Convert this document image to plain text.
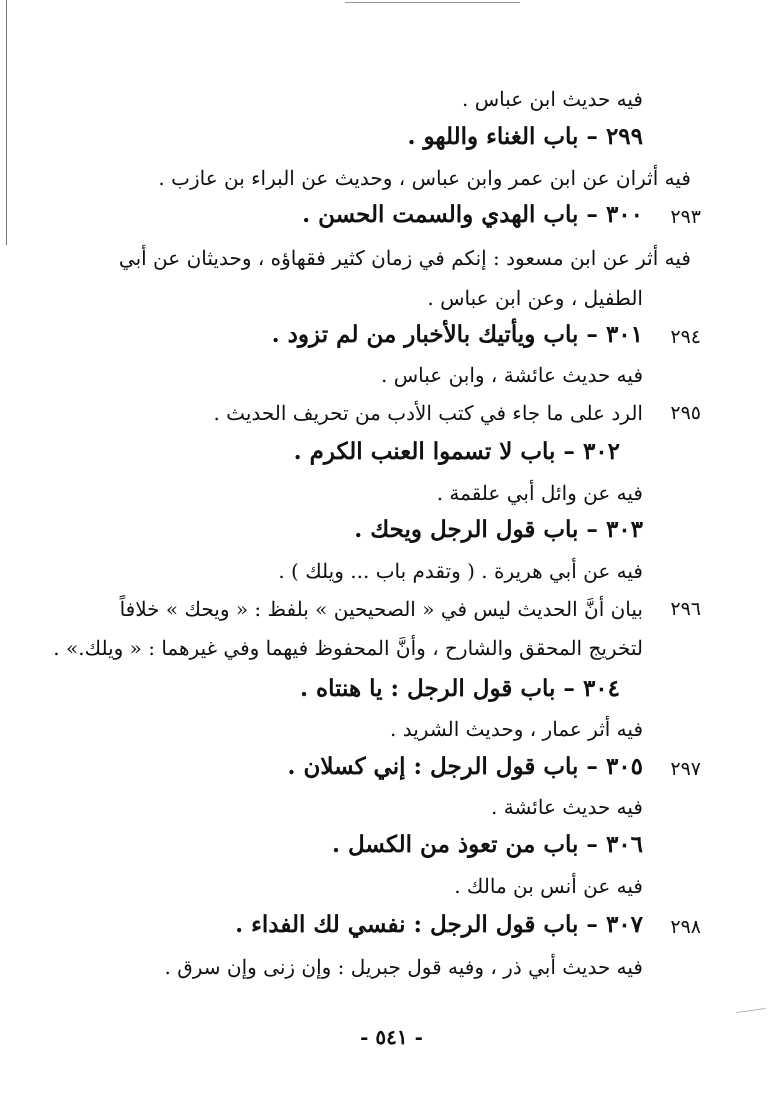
فيه حديث ابن عباس .
٢٩٩ – باب الغناء واللهو .
فيه أثران عن ابن عمر وابن عباس ، وحديث عن البراء بن عازب .
٢٩٣
٣٠٠ – باب الهدي والسمت الحسن .
فيه أثر عن ابن مسعود : إنكم في زمان كثير فقهاؤه ، وحديثان عن أبي
الطفيل ، وعن ابن عباس .
٢٩٤
٣٠١ – باب ويأتيك بالأخبار من لم تزود .
فيه حديث عائشة ، وابن عباس .
٢٩٥
الرد على ما جاء في كتب الأدب من تحريف الحديث .
٣٠٢ – باب لا تسموا العنب الكرم .
فيه عن وائل أبي علقمة .
٣٠٣ – باب قول الرجل ويحك .
فيه عن أبي هريرة . ( وتقدم باب ... ويلك ) .
٢٩٦
بيان أنَّ الحديث ليس في « الصحيحين » بلفظ : « ويحك » خلافاً
لتخريج المحقق والشارح ، وأنَّ المحفوظ فيهما وفي غيرهما : « ويلك.» .
٣٠٤ – باب قول الرجل : يا هنتاه .
فيه أثر عمار ، وحديث الشريد .
٢٩٧
٣٠٥ – باب قول الرجل : إني كسلان .
فيه حديث عائشة .
٣٠٦ – باب من تعوذ من الكسل .
فيه عن أنس بن مالك .
٢٩٨
٣٠٧ – باب قول الرجل : نفسي لك الفداء .
فيه حديث أبي ذر ، وفيه قول جبريل : وإن زنى وإن سرق .
- ٥٤١ -
